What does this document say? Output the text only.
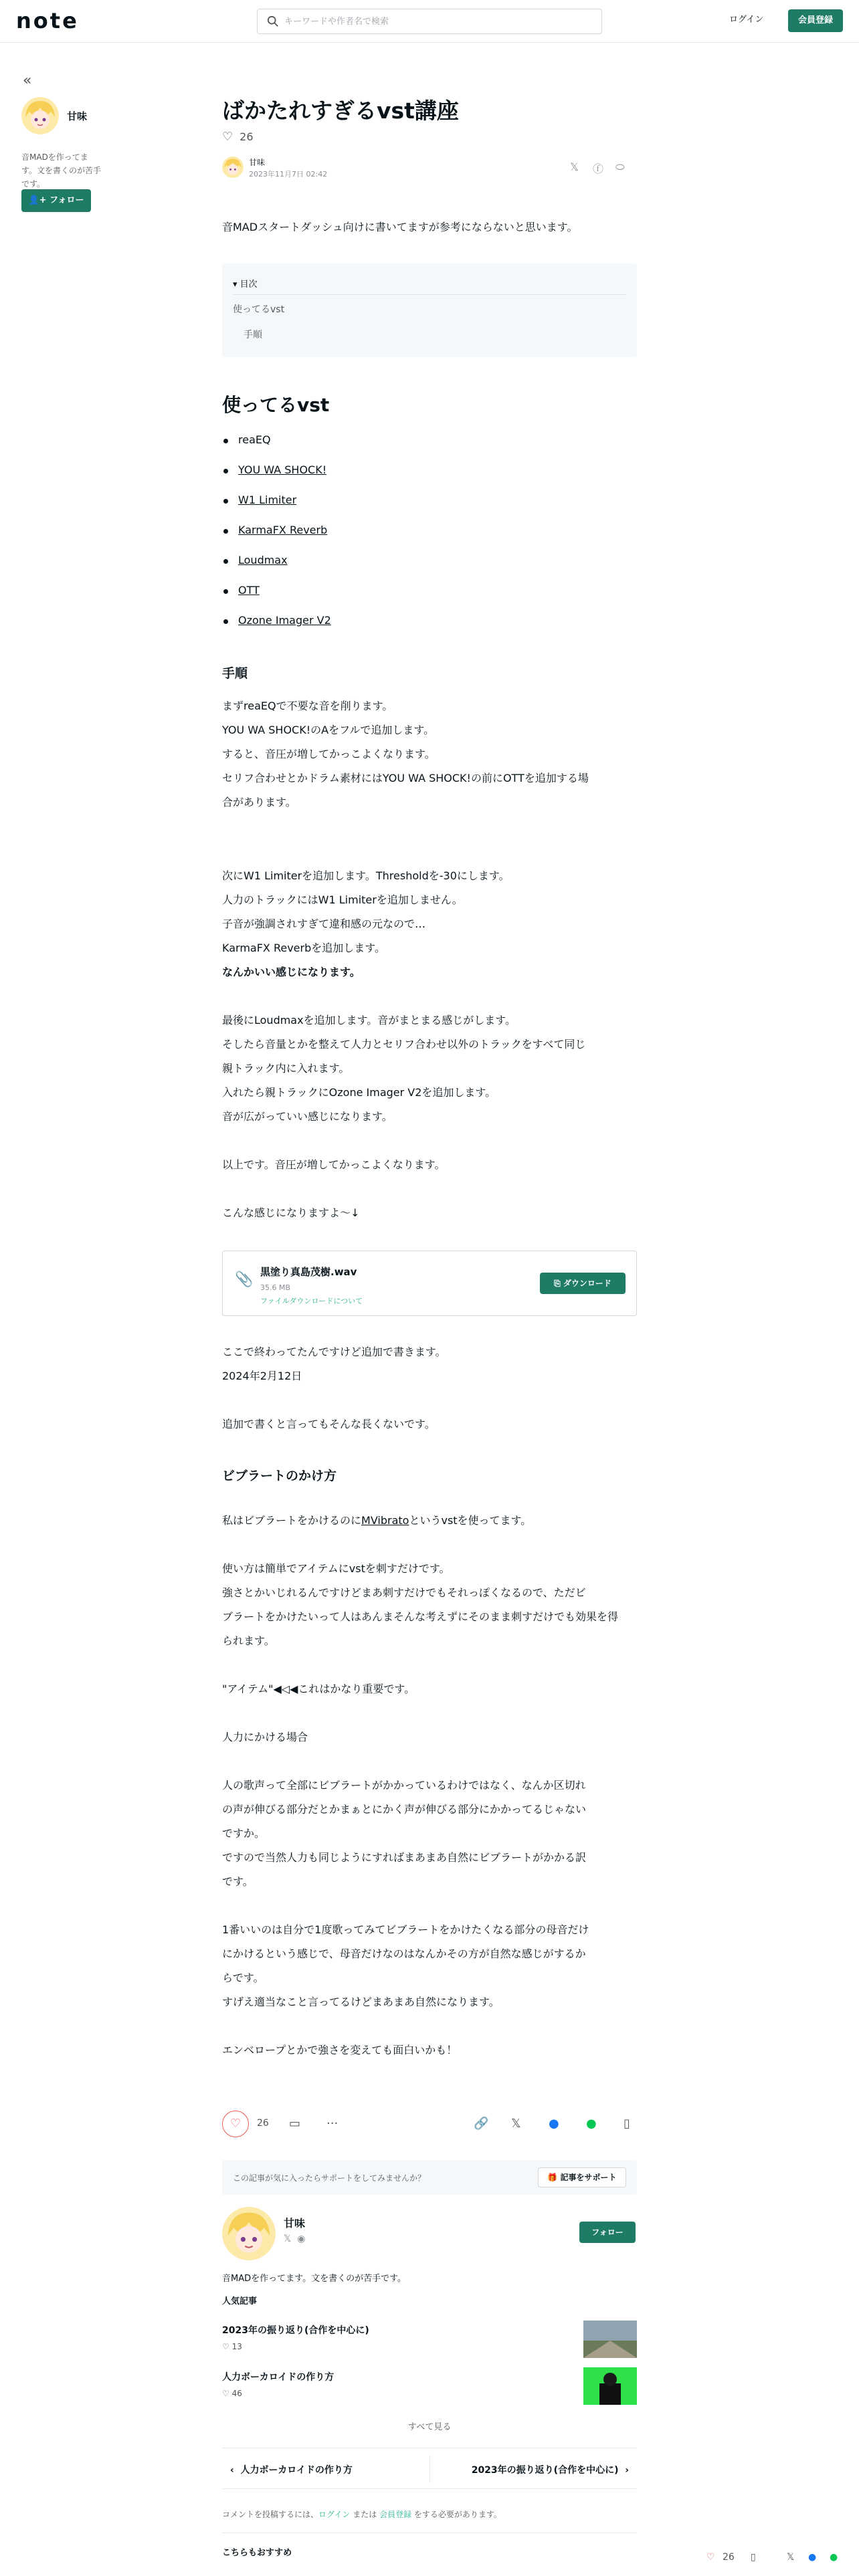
note
キーワードや作者名で検索	ログイン	会員登録
«
甘味
音MADを作ってます。文を書くのが苦手です。
👤+ フォロー
ばかたれすぎるvst講座
♡ 26
甘味
2023年11月7日 02:42
𝕏 ⓕ ⬭

音MADスタートダッシュ向けに書いてますが参考にならないと思います。

▾ 目次
使ってるvst
手順
使ってるvst
reaEQ
YOU WA SHOCK!
W1 Limiter
KarmaFX Reverb
Loudmax
OTT
Ozone Imager V2
手順
まずreaEQで不要な音を削ります。
YOU WA SHOCK!のAをフルで追加します。
すると、音圧が増してかっこよくなります。
セリフ合わせとかドラム素材にはYOU WA SHOCK!の前にOTTを追加する場
合があります。
次にW1 Limiterを追加します。Thresholdを-30にします。
人力のトラックにはW1 Limiterを追加しません。
子音が強調されすぎて違和感の元なので…
KarmaFX Reverbを追加します。
なんかいい感じになります。
最後にLoudmaxを追加します。音がまとまる感じがします。
そしたら音量とかを整えて人力とセリフ合わせ以外のトラックをすべて同じ
親トラック内に入れます。
入れたら親トラックにOzone Imager V2を追加します。
音が広がっていい感じになります。
以上です。音圧が増してかっこよくなります。
こんな感じになりますよ〜↓
📎 黒塗り真島茂樹.wav
35.6 MB
ファイルダウンロードについて
⎘ ダウンロード
ここで終わってたんですけど追加で書きます。
2024年2月12日
追加で書くと言ってもそんな長くないです。
ビブラートのかけ方
私はビブラートをかけるのにMVibratoというvstを使ってます。
使い方は簡単でアイテムにvstを刺すだけです。
強さとかいじれるんですけどまあ刺すだけでもそれっぽくなるので、ただビ
ブラートをかけたいって人はあんまそんな考えずにそのまま刺すだけでも効果を得
られます。
"アイテム"◀◁◀これはかなり重要です。
人力にかける場合
人の歌声って全部にビブラートがかかっているわけではなく、なんか区切れ
の声が伸びる部分だとかまぁとにかく声が伸びる部分にかかってるじゃない
ですか。
ですので当然人力も同じようにすればまあまあ自然にビブラートがかかる訳
です。
1番いいのは自分で1度歌ってみてビブラートをかけたくなる部分の母音だけ
にかけるという感じで、母音だけなのはなんかその方が自然な感じがするか
らです。
すげえ適当なこと言ってるけどまあまあ自然になります。
エンベロープとかで強さを変えても面白いかも！
♡	26 ▭ ···	🔗 𝕏 ● ● ▯
この記事が気に入ったらサポートをしてみませんか？	🎁 記事をサポート
甘味
𝕏 ◉
フォロー
音MADを作ってます。文を書くのが苦手です。
人気記事
2023年の振り返り(合作を中心に)
♡ 13
人力ボーカロイドの作り方
♡ 46
すべて見る
‹  人力ボーカロイドの作り方	2023年の振り返り(合作を中心に)  ›
コメントを投稿するには、ログイン または 会員登録 をする必要があります。
こちらもおすすめ	♡ 26 ▯	𝕏 ● ●
